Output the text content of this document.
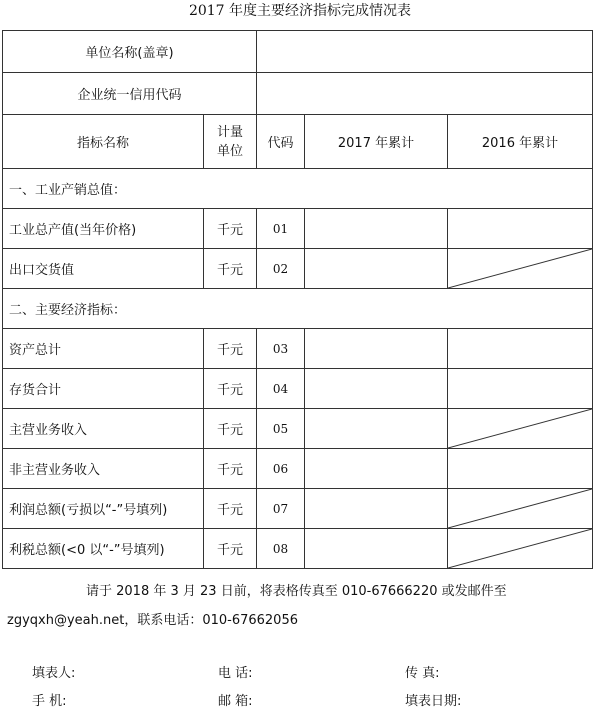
2017 年度主要经济指标完成情况表
单位名称(盖章)				
企业统一信用代码				
指标名称	计量单位	代码	2017 年累计	2016 年累计
一、工业产销总值：				
工业总产值(当年价格)	千元	01		
出口交货值	千元	02		

二、主要经济指标：				
资产总计	千元	03		
存货合计	千元	04		
主营业务收入	千元	05		

非主营业务收入	千元	06		
利润总额(亏损以“-”号填列)	千元	07		

利税总额(<0 以“-”号填列)	千元	08		
请于 2018 年 3 月 23 日前，将表格传真至 010-67666220 或发邮件至
zgyqxh@yeah.net，联系电话：010-67662056
填表人:	电 话:	传 真:
手 机:	邮 箱:	填表日期:
